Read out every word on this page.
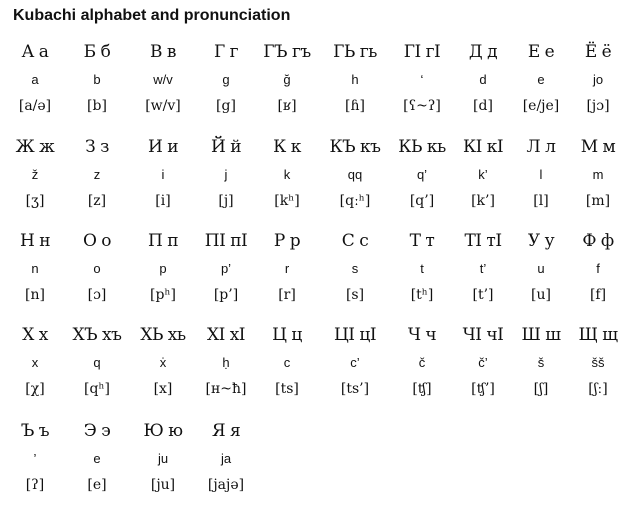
Kubachi alphabet and pronunciation
А а
a
[a/ə]
Б б
b
[b]
В в
w/v
[w/v]
Г г
g
[g]
ГЪ гъ
ğ
[ʁ]
ГЬ гь
h
[ɦ]
ГI гI
‘
[ʕ~ʔ]
Д д
d
[d]
Е е
e
[e/je]
Ё ё
jo
[jɔ]
Ж ж
ž
[ʒ]
З з
z
[z]
И и
i
[i]
Й й
j
[j]
К к
k
[kʰ]
КЪ къ
qq
[qːʰ]
КЬ кь
q’
[q’]
КI кI
k’
[k’]
Л л
l
[l]
М м
m
[m]
Н н
n
[n]
О о
o
[ɔ]
П п
p
[pʰ]
ПI пI
p’
[p’]
Р р
r
[r]
С с
s
[s]
Т т
t
[tʰ]
ТI тI
t’
[t’]
У у
u
[u]
Ф ф
f
[f]
Х х
x
[χ]
ХЪ хъ
q
[qʰ]
ХЬ хь
ẋ
[x]
ХI хI
ḥ
[ʜ~ħ]
Ц ц
c
[ts]
ЦI цI
c’
[ts’]
Ч ч
č
[ʧ]
ЧI чI
č’
[ʧ’]
Ш ш
š
[ʃ]
Щ щ
šš
[ʃː]
Ъ ъ
’
[ʔ]
Э э
e
[e]
Ю ю
ju
[ju]
Я я
ja
[jajə]
